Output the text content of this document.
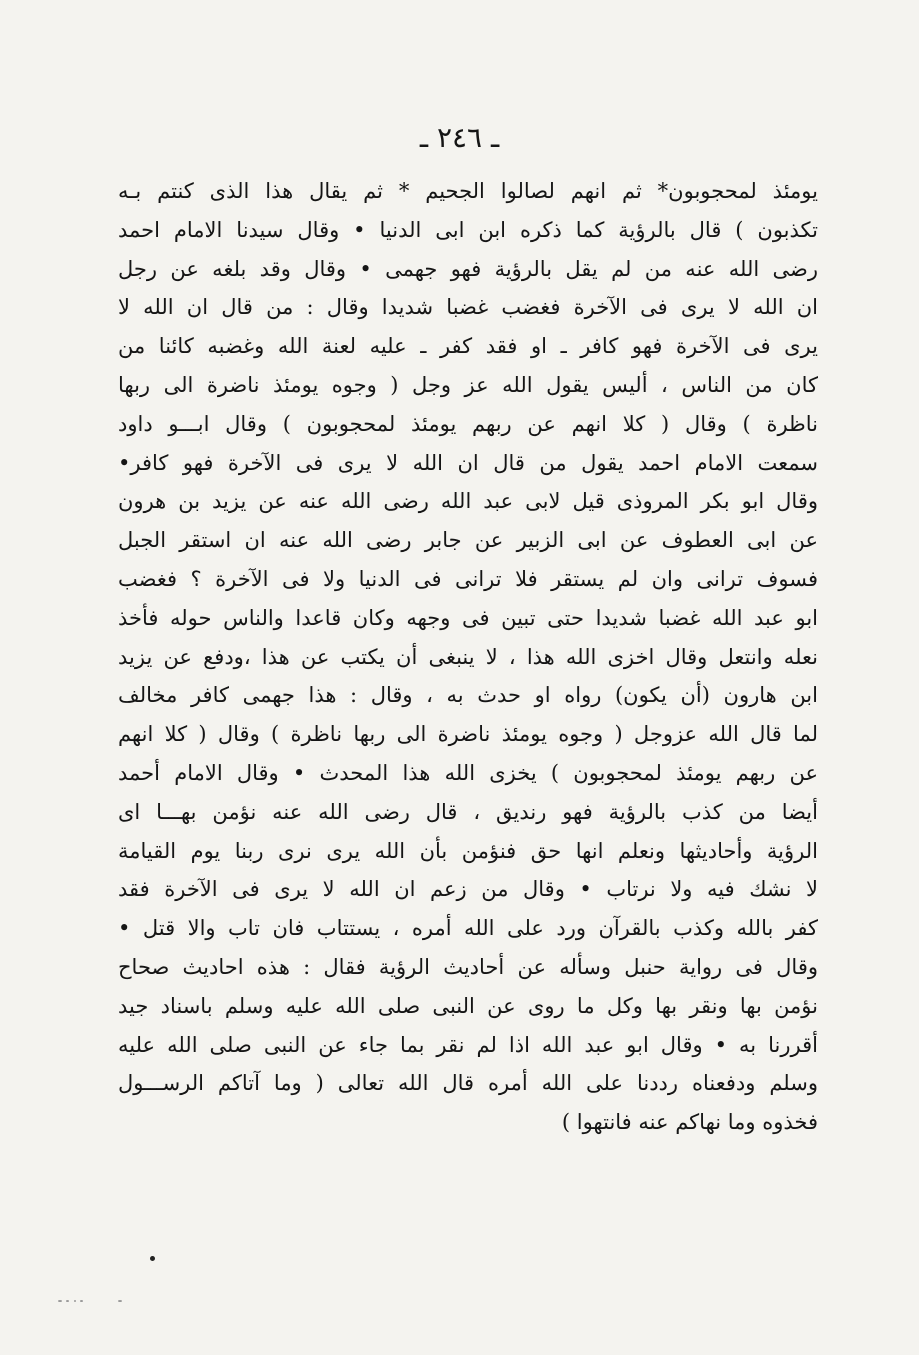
ـ ٢٤٦ ـ
يومئذ لمحجوبون* ثم انهم لصالوا الجحيم * ثم يقال هذا الذى كنتم بـه
تكذبون ) قال بالرؤية كما ذكره ابن ابى الدنيا • وقال سيدنا الامام احمد
رضى الله عنه من لم يقل بالرؤية فهو جهمى • وقال وقد بلغه عن رجل
ان الله لا يرى فى الآخرة فغضب غضبا شديدا وقال : من قال ان الله لا
يرى فى الآخرة فهو كافر ـ او فقد كفر ـ عليه لعنة الله وغضبه كائنا من
كان من الناس ، أليس يقول الله عز وجل ( وجوه يومئذ ناضرة الى ربها
ناظرة ) وقال ( كلا انهم عن ربهم يومئذ لمحجوبون ) وقال ابـــو داود
سمعت الامام احمد يقول من قال ان الله لا يرى فى الآخرة فهو كافر•
وقال ابو بكر المروذى قيل لابى عبد الله رضى الله عنه عن يزيد بن هرون
عن ابى العطوف عن ابى الزبير عن جابر رضى الله عنه ان استقر الجبل
فسوف ترانى وان لم يستقر فلا ترانى فى الدنيا ولا فى الآخرة ؟ فغضب
ابو عبد الله غضبا شديدا حتى تبين فى وجهه وكان قاعدا والناس حوله فأخذ
نعله وانتعل وقال اخزى الله هذا ، لا ينبغى أن يكتب عن هذا ،ودفع عن يزيد
ابن هارون (أن يكون) رواه او حدث به ، وقال : هذا جهمى كافر مخالف
لما قال الله عزوجل ( وجوه يومئذ ناضرة الى ربها ناظرة ) وقال ( كلا انهم
عن ربهم يومئذ لمحجوبون ) يخزى الله هذا المحدث • وقال الامام أحمد
أيضا من كذب بالرؤية فهو رنديق ، قال رضى الله عنه نؤمن بهـــا اى
الرؤية وأحاديثها ونعلم انها حق فنؤمن بأن الله يرى نرى ربنا يوم القيامة
لا نشك فيه ولا نرتاب • وقال من زعم ان الله لا يرى فى الآخرة فقد
كفر بالله وكذب بالقرآن ورد على الله أمره ، يستتاب فان تاب والا قتل •
وقال فى رواية حنبل وسأله عن أحاديث الرؤية فقال : هذه احاديث صحاح
نؤمن بها ونقر بها وكل ما روى عن النبى صلى الله عليه وسلم باسناد جيد
أقررنا به • وقال ابو عبد الله اذا لم نقر بما جاء عن النبى صلى الله عليه
وسلم ودفعناه رددنا على الله أمره قال الله تعالى ( وما آتاكم الرســـول
فخذوه وما نهاكم عنه فانتهوا )
